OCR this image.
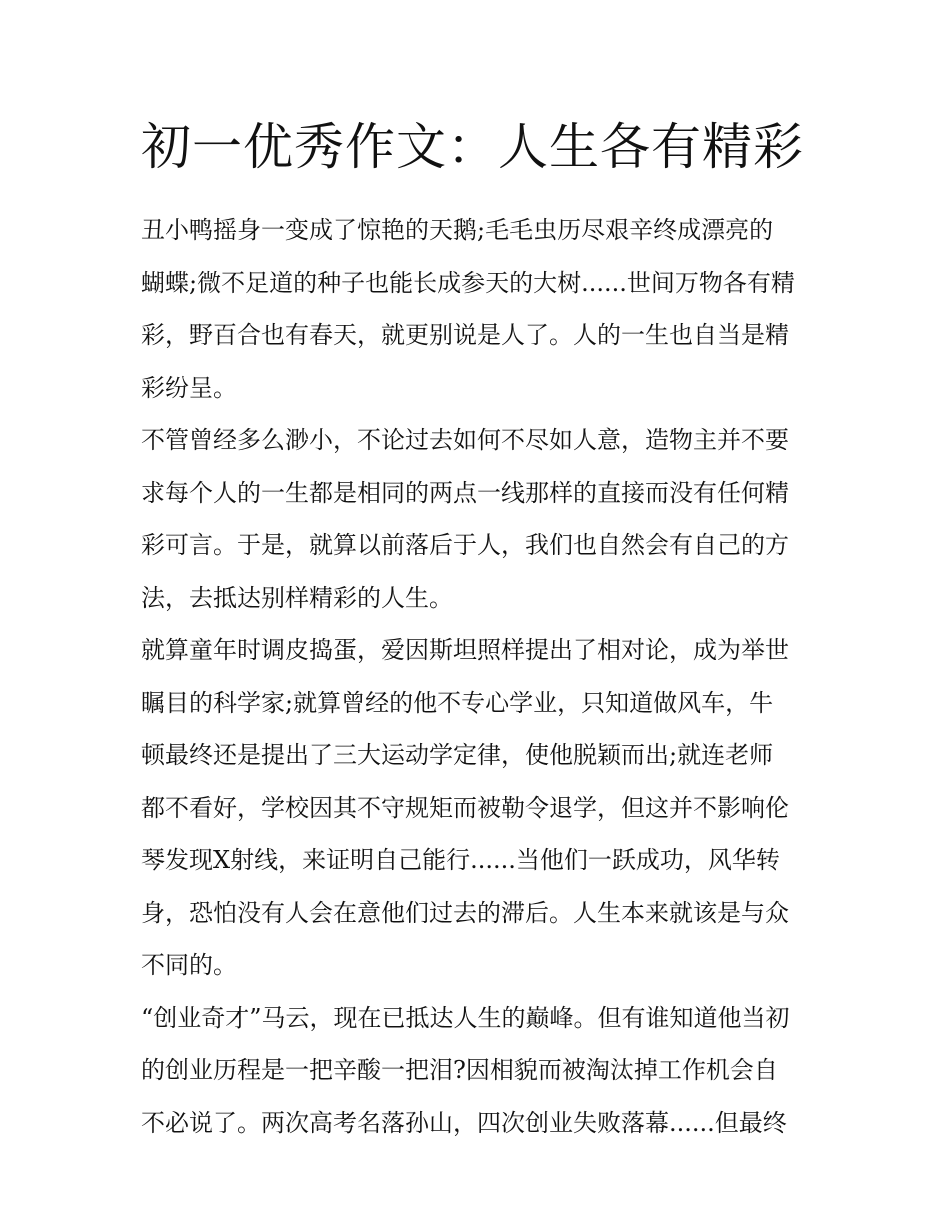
初一优秀作文：人生各有精彩
丑小鸭摇身一变成了惊艳的天鹅;毛毛虫历尽艰辛终成漂亮的
蝴蝶;微不足道的种子也能长成参天的大树......世间万物各有精
彩，野百合也有春天，就更别说是人了。人的一生也自当是精
彩纷呈。
不管曾经多么渺小，不论过去如何不尽如人意，造物主并不要
求每个人的一生都是相同的两点一线那样的直接而没有任何精
彩可言。于是，就算以前落后于人，我们也自然会有自己的方
法，去抵达别样精彩的人生。
就算童年时调皮捣蛋，爱因斯坦照样提出了相对论，成为举世
瞩目的科学家;就算曾经的他不专心学业，只知道做风车，牛
顿最终还是提出了三大运动学定律，使他脱颖而出;就连老师
都不看好，学校因其不守规矩而被勒令退学，但这并不影响伦
琴发现X射线，来证明自己能行......当他们一跃成功，风华转
身，恐怕没有人会在意他们过去的滞后。人生本来就该是与众
不同的。
“创业奇才”马云，现在已抵达人生的巅峰。但有谁知道他当初
的创业历程是一把辛酸一把泪?因相貌而被淘汰掉工作机会自
不必说了。两次高考名落孙山，四次创业失败落幕......但最终
